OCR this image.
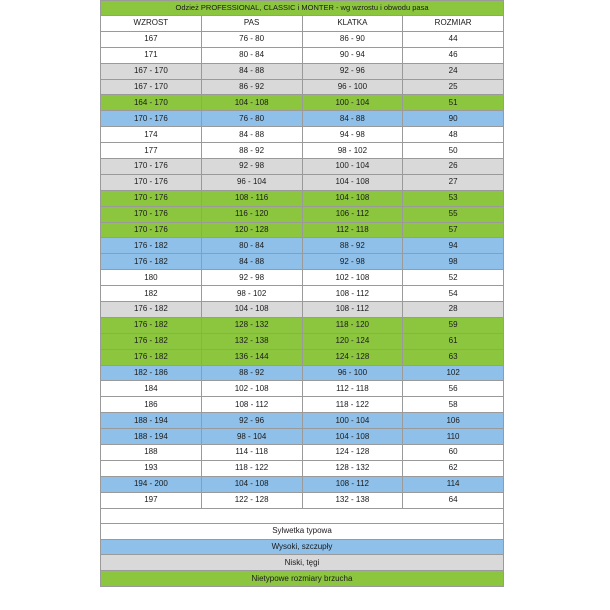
Odzież PROFESSIONAL, CLASSIC i MONTER - wg wzrostu i obwodu pasa			
WZROST	PAS	KLATKA	ROZMIAR
167	76 - 80	86 - 90	44
171	80 - 84	90 - 94	46
167 - 170	84 - 88	92 - 96	24
167 - 170	86 - 92	96 - 100	25
164 - 170	104 - 108	100 - 104	51
170 - 176	76 - 80	84 - 88	90
174	84 - 88	94 - 98	48
177	88 - 92	98 - 102	50
170 - 176	92 - 98	100 - 104	26
170 - 176	96 - 104	104 - 108	27
170 - 176	108 - 116	104 - 108	53
170 - 176	116 - 120	106 - 112	55
170 - 176	120 - 128	112 - 118	57
176 - 182	80 - 84	88 - 92	94
176 - 182	84 - 88	92 - 98	98
180	92 - 98	102 - 108	52
182	98 - 102	108 - 112	54
176 - 182	104 - 108	108 - 112	28
176 - 182	128 - 132	118 - 120	59
176 - 182	132 - 138	120 - 124	61
176 - 182	136 - 144	124 - 128	63
182 - 186	88 - 92	96 - 100	102
184	102 - 108	112 - 118	56
186	108 - 112	118 - 122	58
188 - 194	92 - 96	100 - 104	106
188 - 194	98 - 104	104 - 108	110
188	114 - 118	124 - 128	60
193	118 - 122	128 - 132	62
194 - 200	104 - 108	108 - 112	114
197	122 - 128	132 - 138	64

Sylwetka typowa			
Wysoki, szczupły			
Niski, tęgi			
Nietypowe rozmiary brzucha			
